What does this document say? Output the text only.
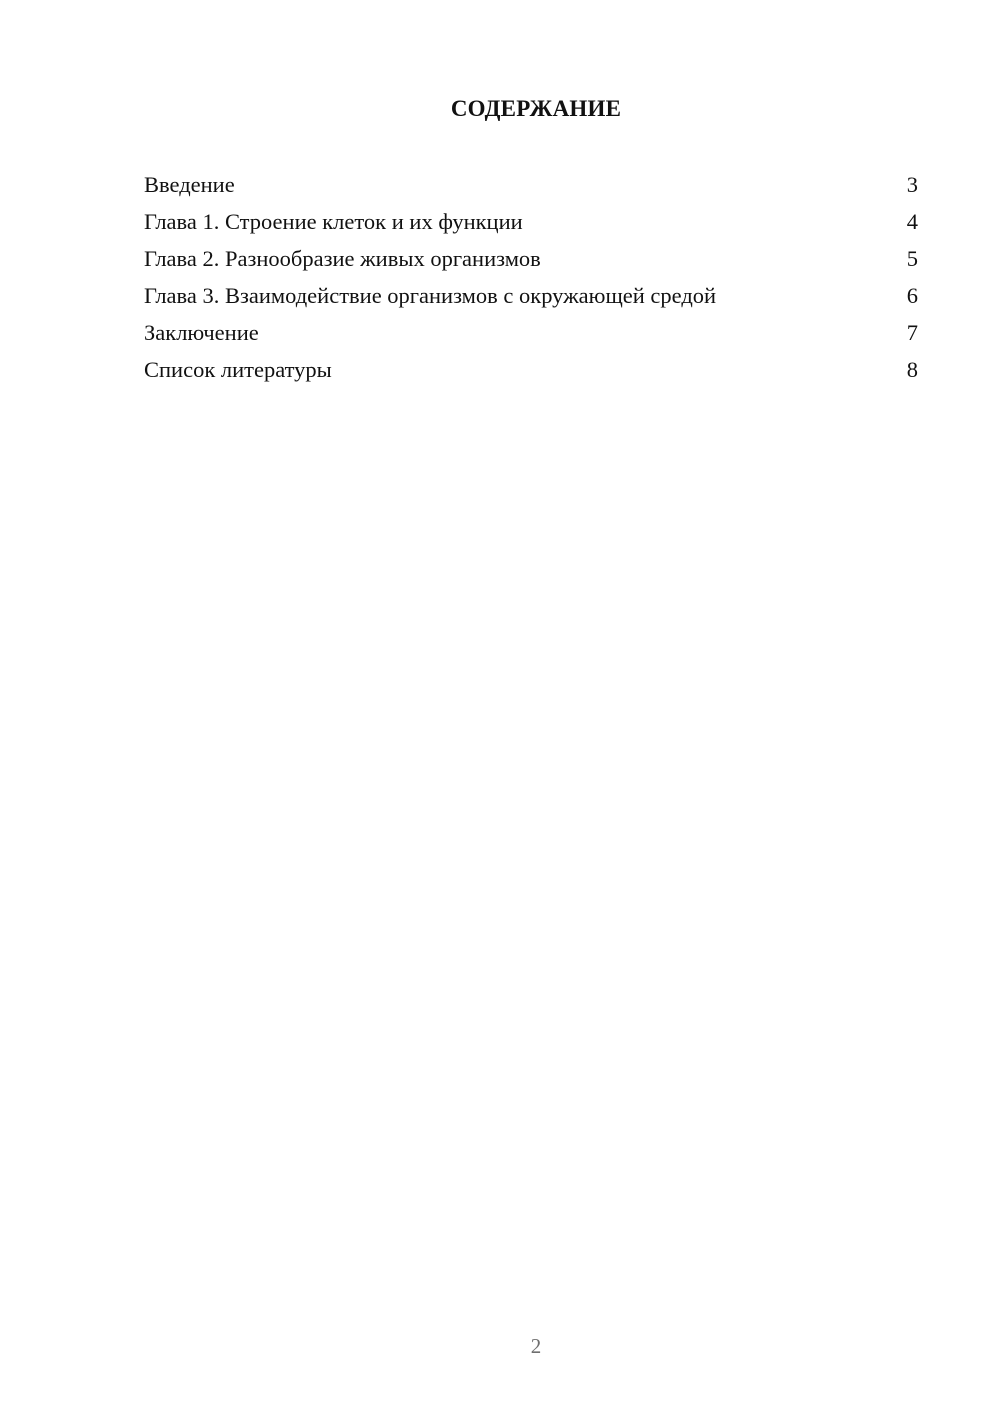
СОДЕРЖАНИЕ
Введение	3
Глава 1. Строение клеток и их функции	4
Глава 2. Разнообразие живых организмов	5
Глава 3. Взаимодействие организмов с окружающей средой	6
Заключение	7
Список литературы	8
2
